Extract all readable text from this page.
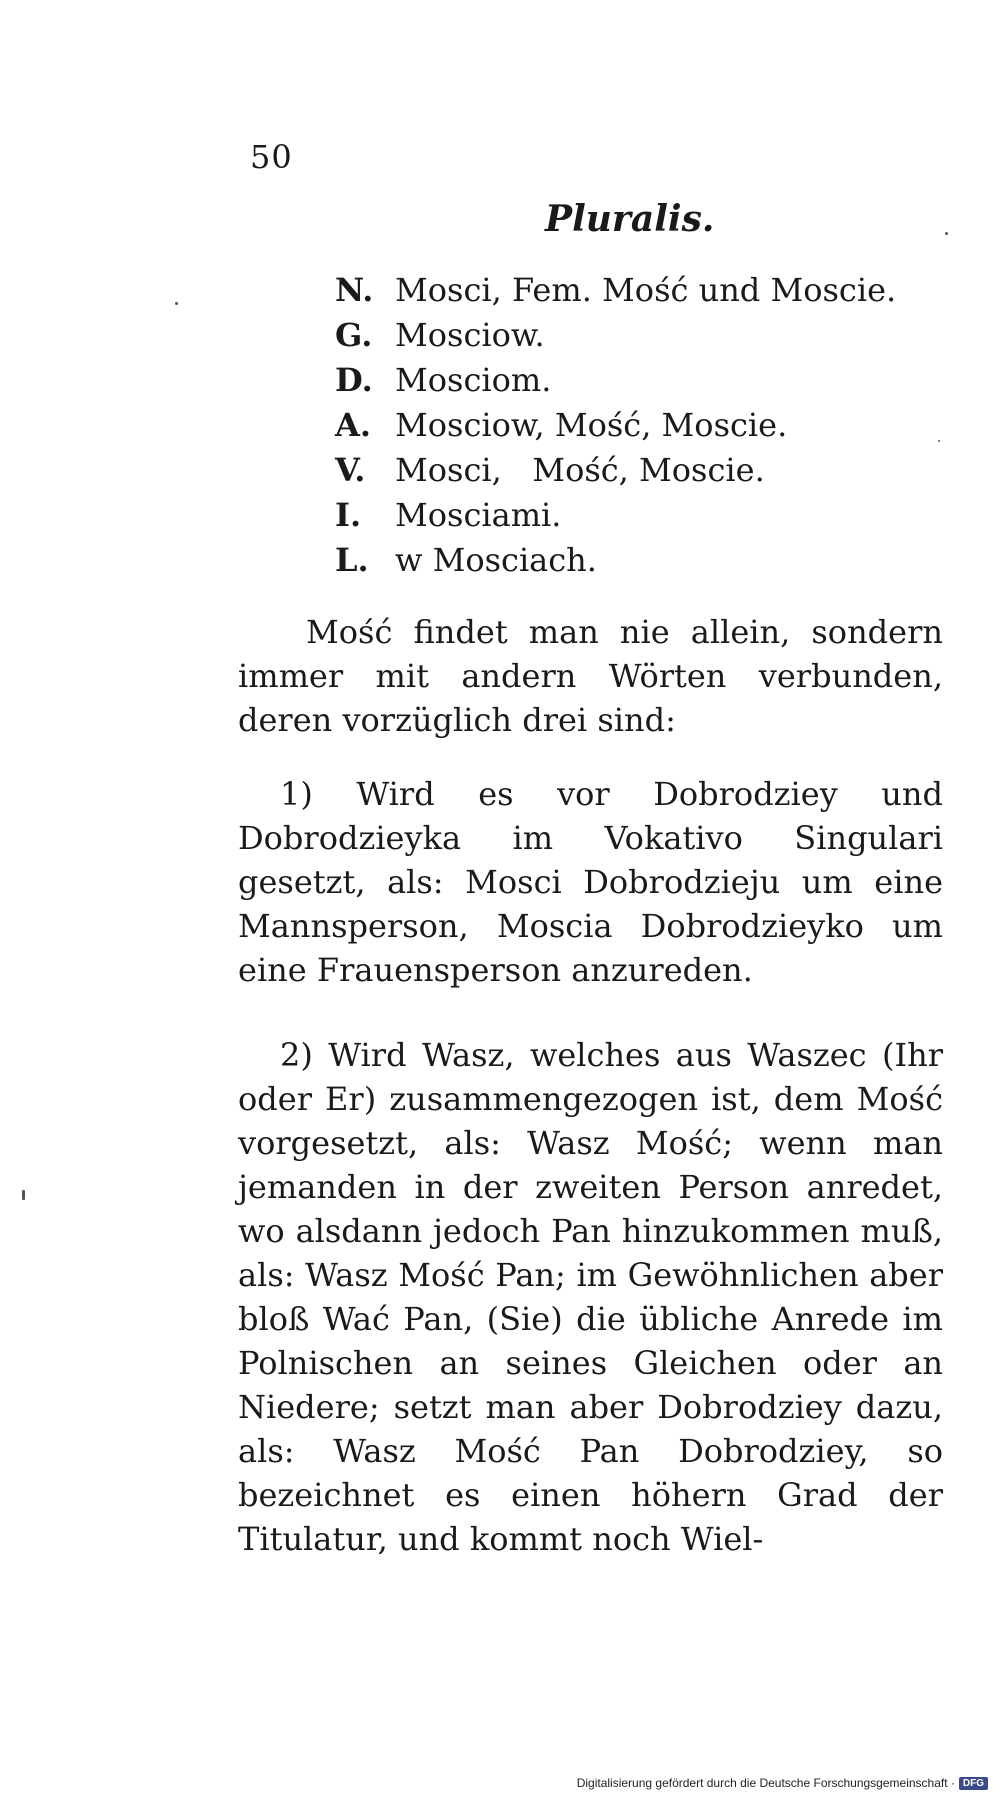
50
Pluralis.
N. Mosci, Fem. Mość und Moscie.
G. Mosciow.
D. Mosciom.
A. Mosciow, Mość, Moscie.
V. Mosci,   Mość, Moscie.
I. Mosciami.
L. w Mosciach.

Mość findet man nie allein, sondern immer mit andern Wörten verbunden, deren vorzüglich drei sind:

1) Wird es vor Dobrodziey und Dobrodzieyka im Vokativo Singulari gesetzt, als: Mosci Dobrodzieju um eine Mannsperson, Moscia Dobrodzieyko um eine Frauensperson anzureden.

2) Wird Wasz, welches aus Waszec (Ihr oder Er) zusammengezogen ist, dem Mość vorgesetzt, als: Wasz Mość; wenn man jemanden in der zweiten Person anredet, wo alsdann jedoch Pan hinzukommen muß, als: Wasz Mość Pan; im Gewöhnlichen aber bloß Wać Pan, (Sie) die übliche Anrede im Polnischen an seines Gleichen oder an Niedere; setzt man aber Dobrodziey dazu, als: Wasz Mość Pan Dobrodziey, so bezeichnet es einen höhern Grad der Titulatur, und kommt noch Wiel-

Digitalisierung gefördert durch die Deutsche Forschungsgemeinschaft · DFG
